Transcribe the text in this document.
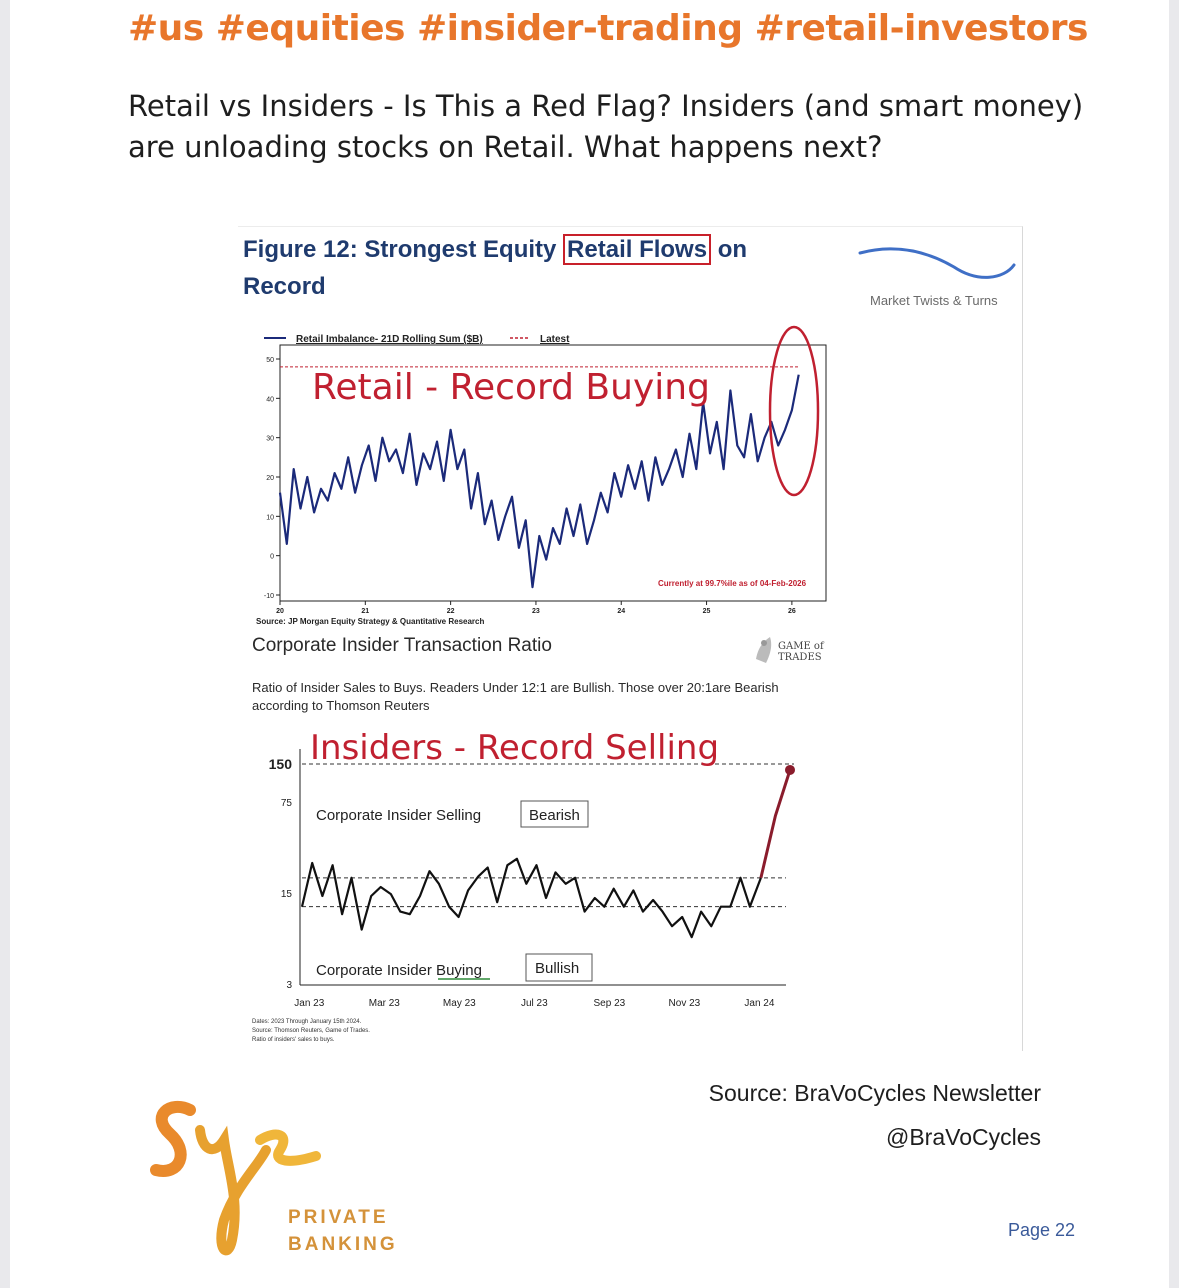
#us #equities #insider-trading #retail-investors
Retail vs Insiders - Is This a Red Flag? Insiders (and smart money) are unloading stocks on Retail. What happens next?
Figure 12: Strongest Equity Retail Flows on Record
Market Twists & Turns
Retail Imbalance- 21D Rolling Sum ($B)	Latest
50
40
30
20
10
0
-10
20	21	22	23	24	25	26
Retail - Record Buying
Currently at 99.7%ile as of 04-Feb-2026
Source: JP Morgan Equity Strategy & Quantitative Research
Corporate Insider Transaction Ratio	GAME of
TRADES
Ratio of Insider Sales to Buys. Readers Under 12:1 are Bullish. Those over 20:1are Bearish according to Thomson Reuters
150
75
15
3
Jan 23	Mar 23	May 23	Jul 23	Sep 23	Nov 23	Jan 24
Insiders - Record Selling
Corporate Insider Selling	Bearish
Corporate Insider Buying	Bullish
Dates: 2023 Through January 15th 2024.
Source: Thomson Reuters, Game of Trades.
Ratio of insiders' sales to buys.
PRIVATE
BANKING
Source: BraVoCycles Newsletter
@BraVoCycles
Page 22
